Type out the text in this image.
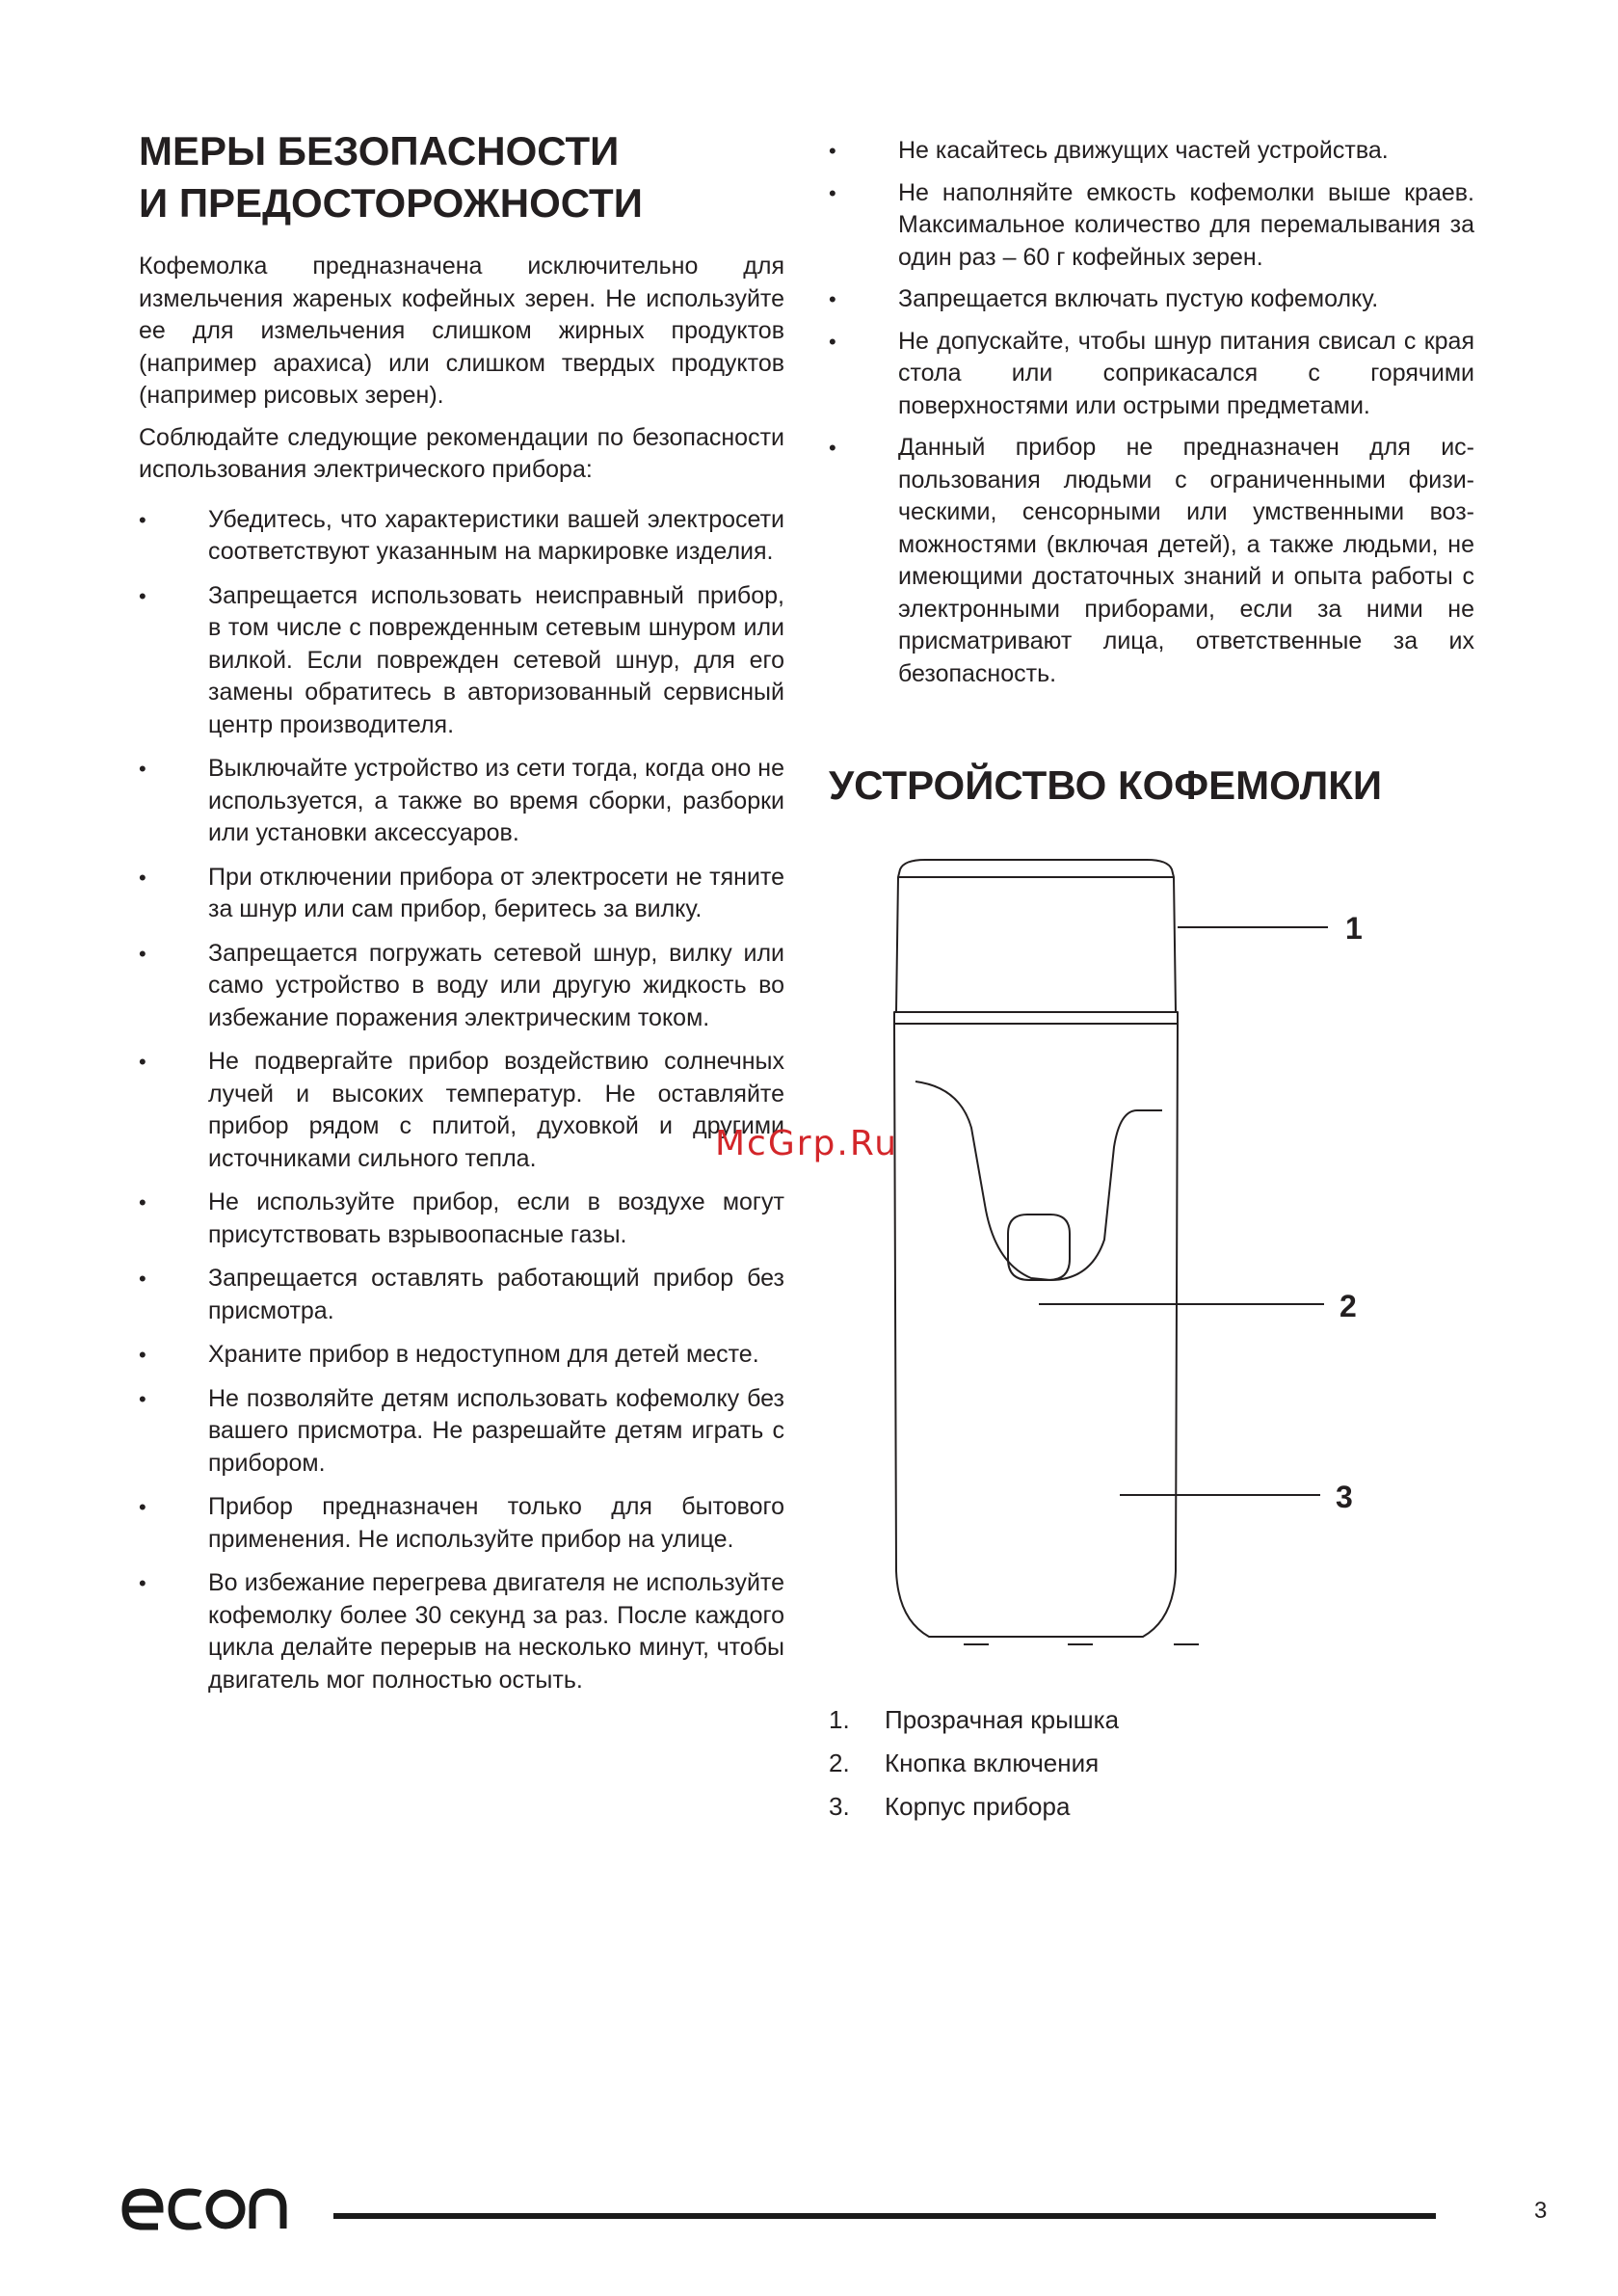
МЕРЫ БЕЗОПАСНОСТИ
И ПРЕДОСТОРОЖНОСТИ

Кофемолка предназначена исключительно для измельчения жареных кофейных зерен. Не используйте ее для измельчения слишком жирных продуктов (например арахиса) или слишком твердых продуктов (например рисовых зерен).

Соблюдайте следующие рекомендации по безопасности использования электрического прибора:

•	Убедитесь, что характеристики вашей электросети соответствуют указанным на маркировке изделия.
•	Запрещается использовать неисправный прибор, в том числе с поврежденным сетевым шнуром или вилкой. Если поврежден сетевой шнур, для его замены обратитесь в авторизованный сервисный центр производителя.
•	Выключайте устройство из сети тогда, когда оно не используется, а также во время сборки, разборки или установки аксессуаров.
•	При отключении прибора от электросети не тяните за шнур или сам прибор, беритесь за вилку.
•	Запрещается погружать сетевой шнур, вилку или само устройство в воду или другую жидкость во избежание поражения электрическим током.
•	Не подвергайте прибор воздействию солнечных лучей и высоких температур. Не оставляйте прибор рядом с плитой, духовкой и другими источниками сильного тепла.
•	Не используйте прибор, если в воздухе могут присутствовать взрывоопасные газы.
•	Запрещается оставлять работающий прибор без присмотра.
•	Храните прибор в недоступном для детей месте.
•	Не позволяйте детям использовать кофемолку без вашего присмотра. Не разрешайте детям играть с прибором.
•	Прибор предназначен только для бытового применения. Не используйте прибор на улице.
•	Во избежание перегрева двигателя не используйте кофемолку более 30 секунд за раз. После каждого цикла делайте перерыв на несколько минут, чтобы двигатель мог полностью остыть.
•	Не касайтесь движущих частей устройства.
•	Не наполняйте емкость кофемолки выше краев. Максимальное количество для перемалывания за один раз – 60 г кофейных зерен.
•	Запрещается включать пустую кофемолку.
•	Не допускайте, чтобы шнур питания свисал с края стола или соприкасался с горячими поверхностями или острыми предметами.
•	Данный прибор не предназначен для использования людьми с ограниченными физическими, сенсорными или умственными возможностями (включая детей), а также людьми, не имеющими достаточных знаний и опыта работы с электронными приборами, если за ними не присматривают лица, ответственные за их безопасность.
УСТРОЙСТВО КОФЕМОЛКИ
1
2
3
1. Прозрачная крышка
2. Кнопка включения
3. Корпус прибора
McGrp.Ru
3
